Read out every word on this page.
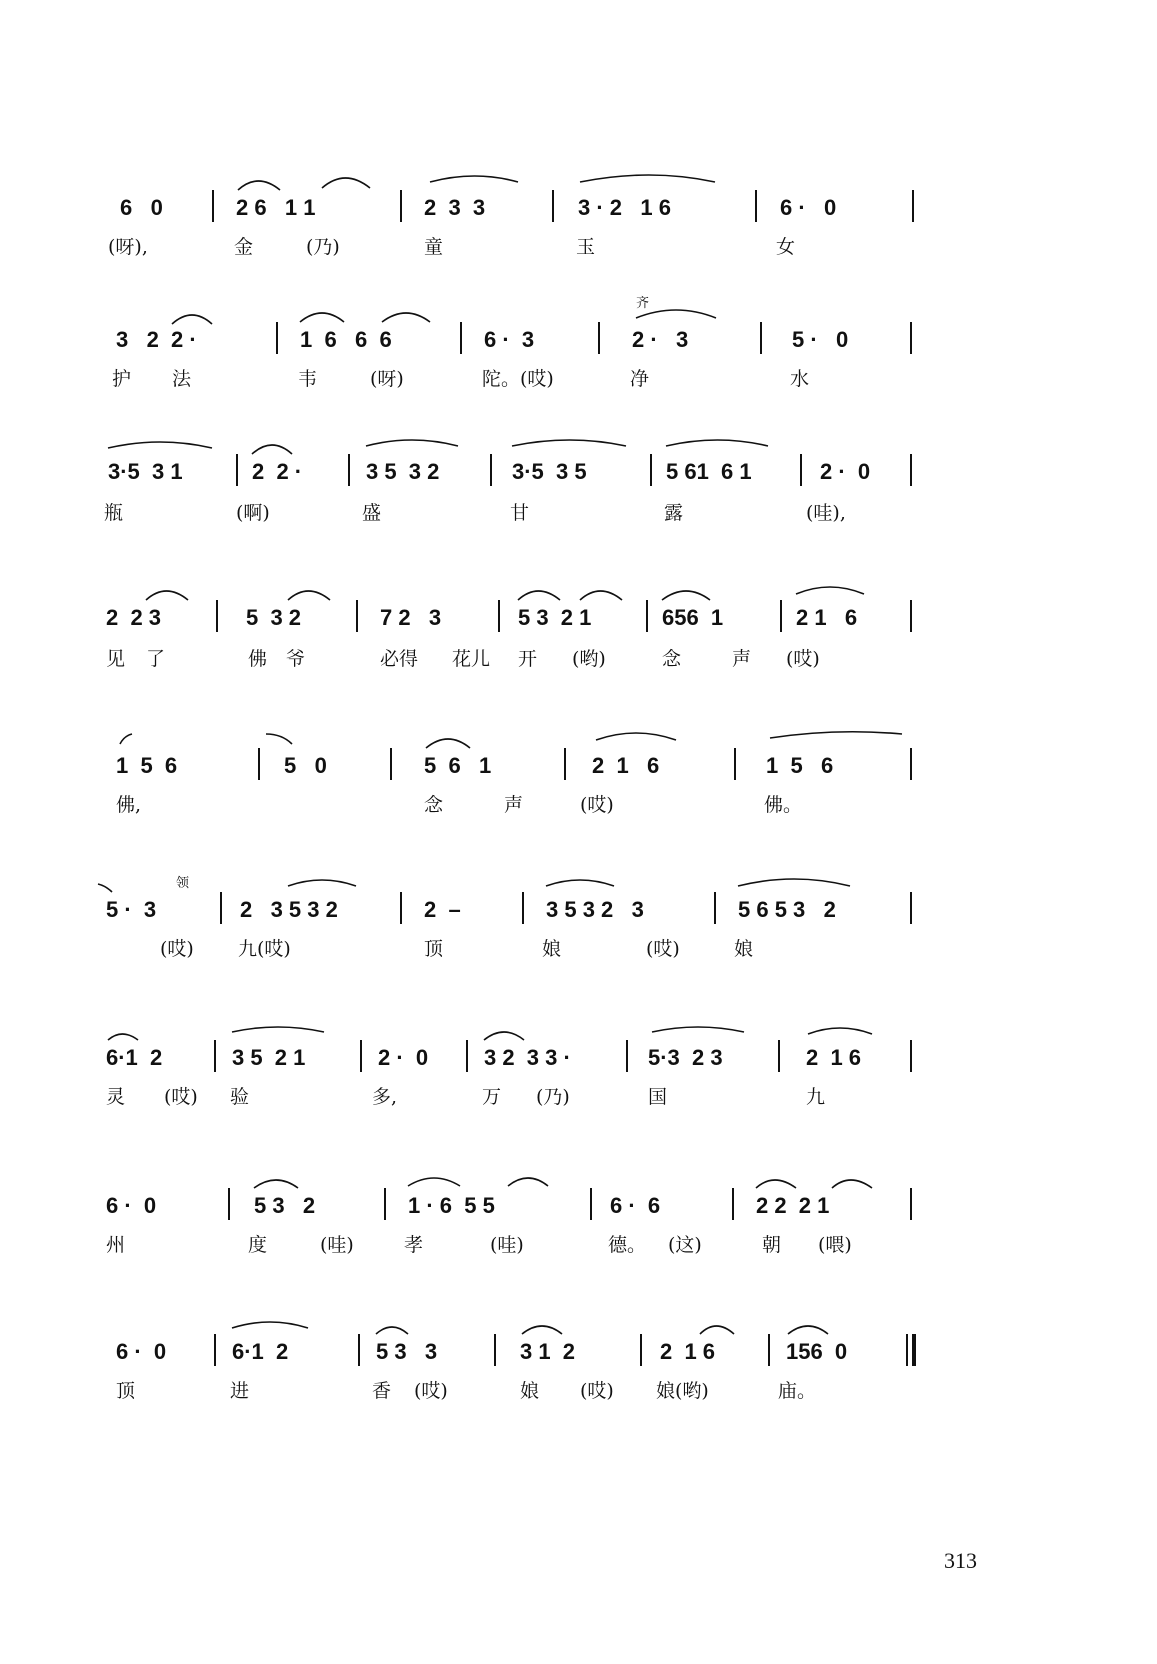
6   0	2 6   1 1	2  3  3	3 · 2   1 6	6 ·   0
(呀),	金	(乃)	童	玉	女
齐
3   2  2 ·	1  6   6  6	6 ·  3	2 ·   3	5 ·   0
护 法	韦	(呀)	陀。(哎)	净	水
3·5  3 1	2  2 ·	3 5  3 2	3·5  3 5	5 61  6 1	2 ·  0
瓶	(啊)	盛	甘	露	(哇),
2  2 3	5  3 2	7 2   3	5 3  2 1	656  1	2 1   6
见 了	佛 爷	必得 花儿 开 (哟)	念	声 (哎)
1  5  6	5   0	5  6   1	2  1   6	1  5   6
佛,	念	声	(哎)	佛。
领
5 ·  3	2   3 5 3 2	2  –	3 5 3 2   3	5 6 5 3   2
(哎) 九(哎)	顶	娘	(哎)	娘
6·1  2	3 5  2 1	2 ·  0	3 2  3 3 ·	5·3  2 3	2  1 6
灵 (哎) 验	多,	万 (乃)	国	九
6 ·  0	5 3   2	1 · 6  5 5	6 ·  6	2 2  2 1
州	度	(哇)	孝	(哇)	德。 (这)	朝 (喂)
6 ·  0	6·1  2	5 3   3	3 1  2	2  1 6	156  0
顶	进	香 (哎)	娘 (哎) 娘(哟)	庙。
313
